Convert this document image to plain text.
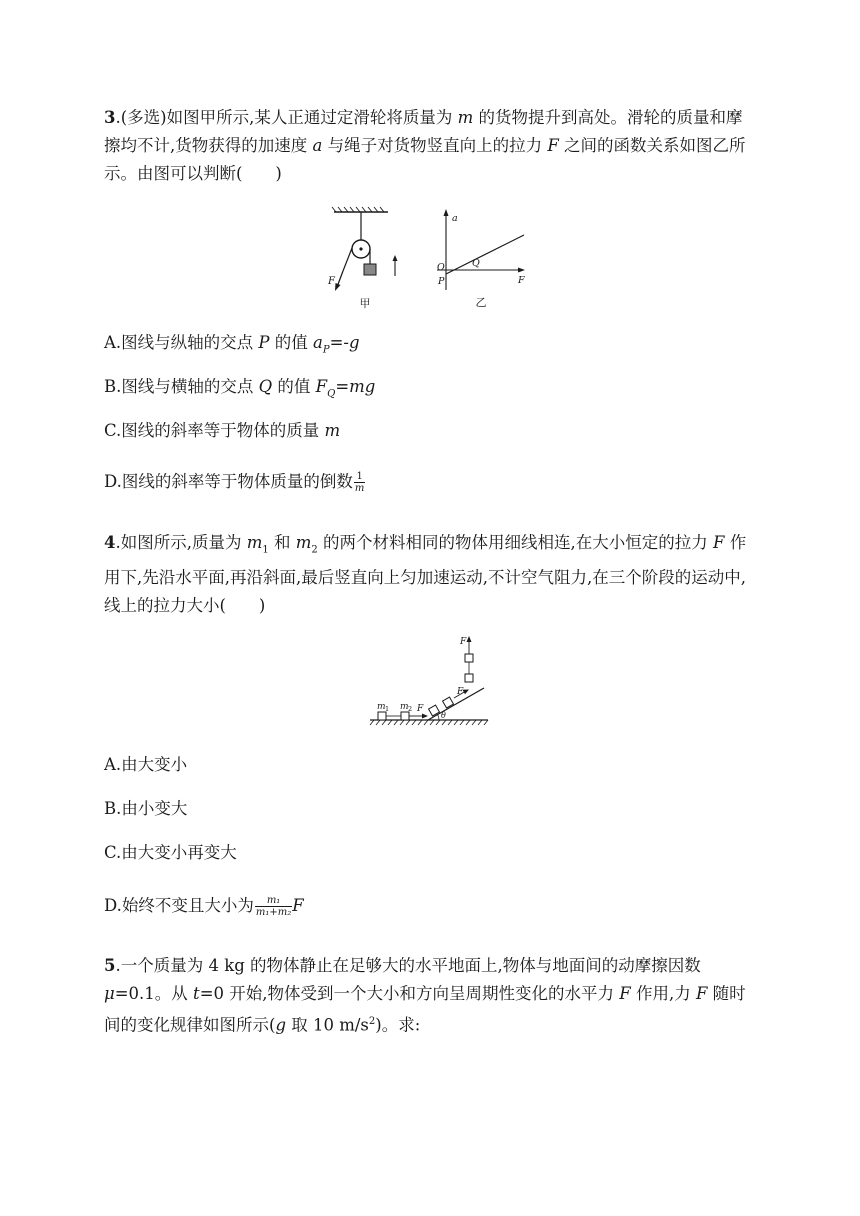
3.(多选)如图甲所示,某人正通过定滑轮将质量为 m 的货物提升到高处。滑轮的质量和摩擦均不计,货物获得的加速度 a 与绳子对货物竖直向上的拉力 F 之间的函数关系如图乙所示。由图可以判断(　　)

F
甲
a
F
O
P
Q
乙

A.图线与纵轴的交点 P 的值 $a_P=-g$

B.图线与横轴的交点 Q 的值 $F_Q=mg$

C.图线的斜率等于物体的质量 m

D.图线的斜率等于物体质量的倒数 $\frac{1}{m}$

4.如图所示,质量为 $m_1$ 和 $m_2$ 的两个材料相同的物体用细线相连,在大小恒定的拉力 F 作用下,先沿水平面,再沿斜面,最后竖直向上匀加速运动,不计空气阻力,在三个阶段的运动中,线上的拉力大小(　　)

F
F
F
θ
m 1 m 2

A.由大变小

B.由小变大

C.由大变小再变大

D.始终不变且大小为 $\frac{\text{m₁}}{\text{m₁+m₂}}$ F

5.一个质量为 4 kg 的物体静止在足够大的水平地面上,物体与地面间的动摩擦因数 μ=0.1。从 t=0 开始,物体受到一个大小和方向呈周期性变化的水平力 F 作用,力 F 随时间的变化规律如图所示(g 取 10 $m/s^2$)。求:
